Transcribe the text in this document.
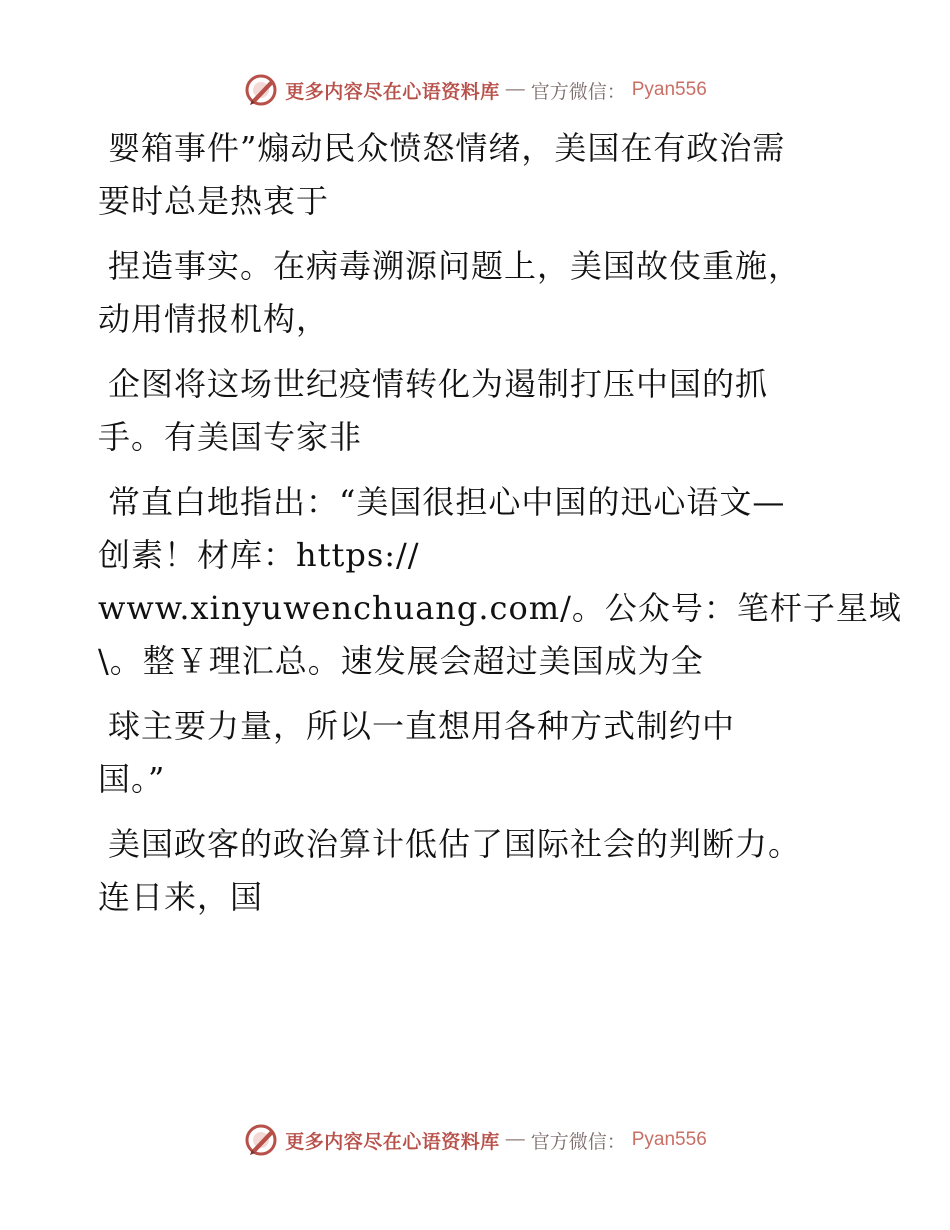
更多内容尽在心语资料库 — 官方微信： Pyan556
婴箱事件”煽动民众愤怒情绪，美国在有政治需
要时总是热衷于
捏造事实。在病毒溯源问题上，美国故伎重施，
动用情报机构，
企图将这场世纪疫情转化为遏制打压中国的抓
手。有美国专家非
常直白地指出：“美国很担心中国的迅心语文—
创素！材库：https://
www.xinyuwenchuang.com/。公众号：笔杆子星域
\。整￥理汇总。速发展会超过美国成为全
球主要力量，所以一直想用各种方式制约中
国。”
美国政客的政治算计低估了国际社会的判断力。
连日来，国
更多内容尽在心语资料库 — 官方微信： Pyan556
